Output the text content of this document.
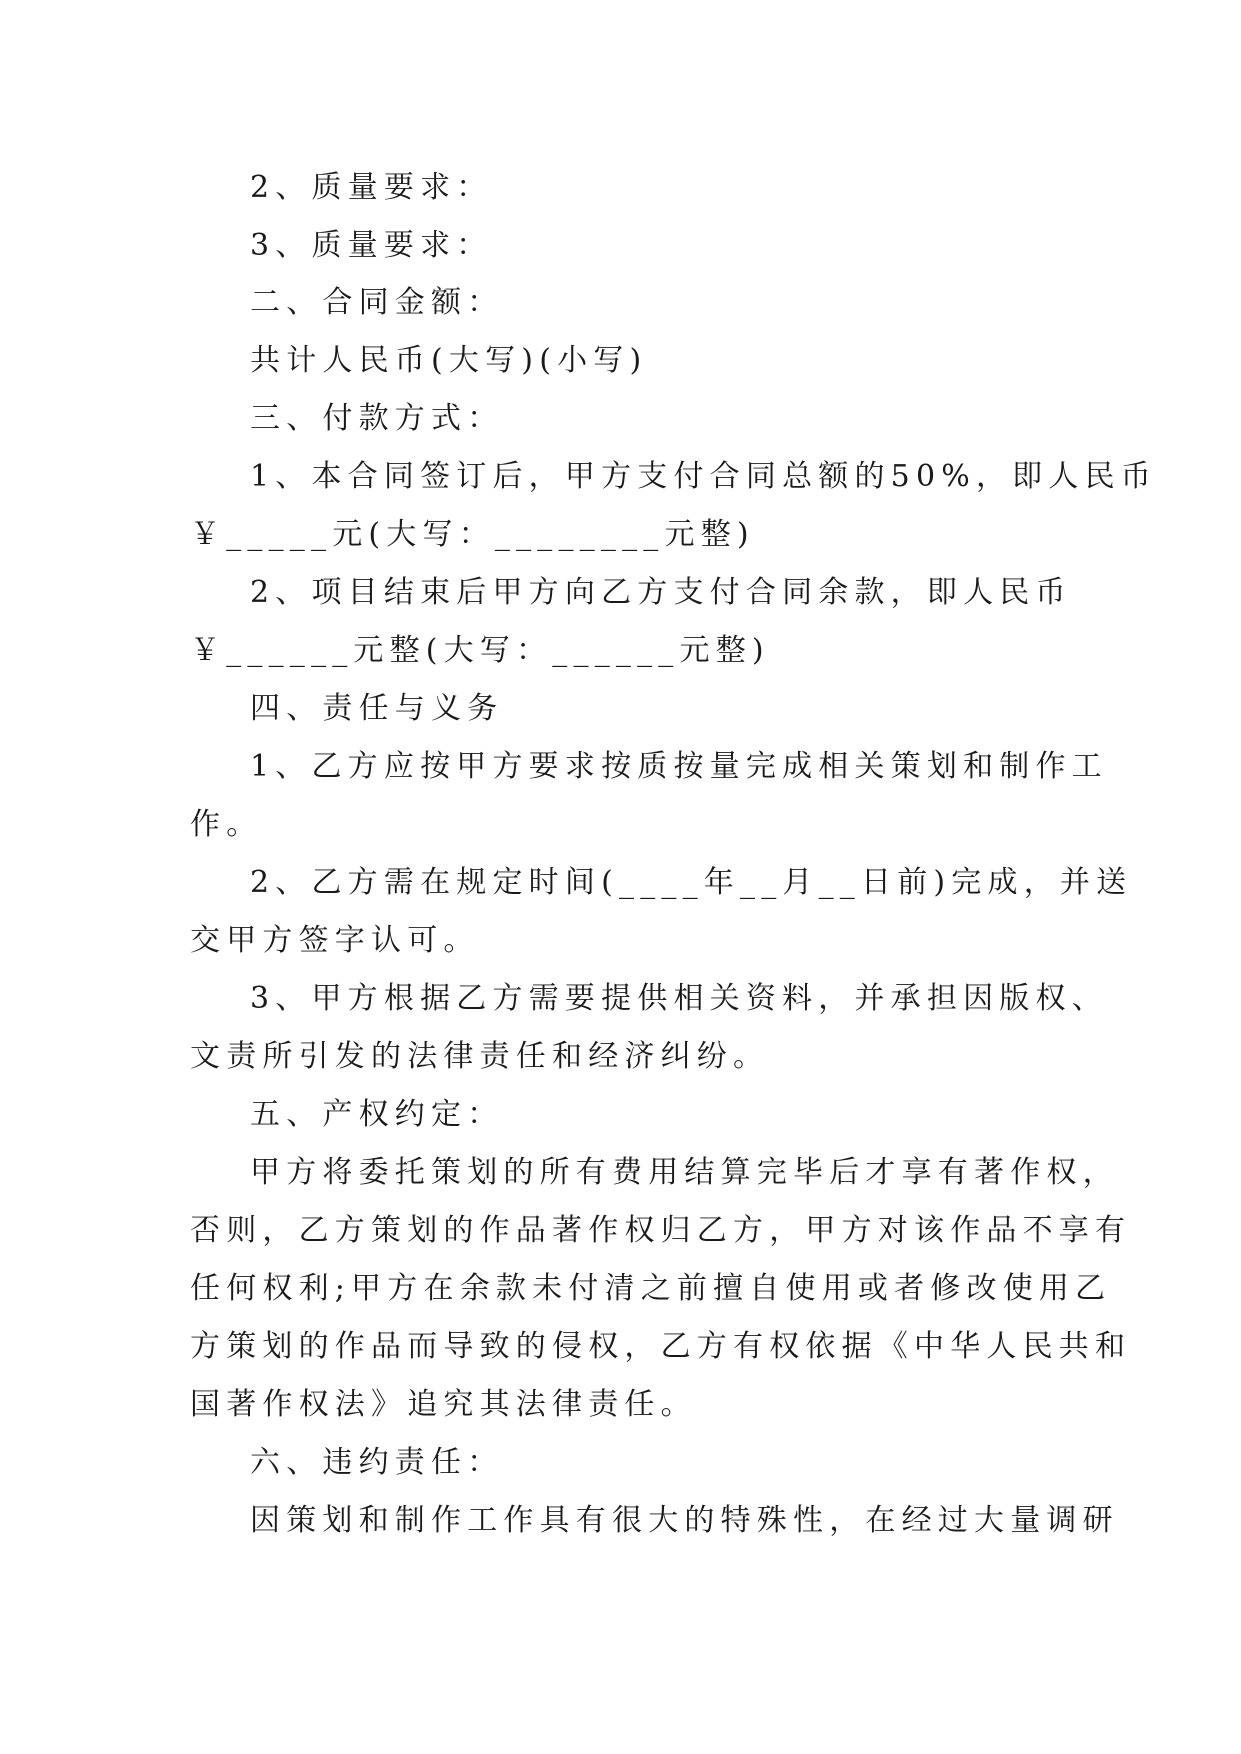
2、质量要求：
3、质量要求：
二、合同金额：
共计人民币(大写)(小写)
三、付款方式：
1、本合同签订后，甲方支付合同总额的50%，即人民币
￥_____元(大写：________元整)
2、项目结束后甲方向乙方支付合同余款，即人民币
￥______元整(大写：______元整)
四、责任与义务
1、乙方应按甲方要求按质按量完成相关策划和制作工
作。
2、乙方需在规定时间(____年__月__日前)完成，并送
交甲方签字认可。
3、甲方根据乙方需要提供相关资料，并承担因版权、
文责所引发的法律责任和经济纠纷。
五、产权约定：
甲方将委托策划的所有费用结算完毕后才享有著作权，
否则，乙方策划的作品著作权归乙方，甲方对该作品不享有
任何权利;甲方在余款未付清之前擅自使用或者修改使用乙
方策划的作品而导致的侵权，乙方有权依据《中华人民共和
国著作权法》追究其法律责任。
六、违约责任：
因策划和制作工作具有很大的特殊性，在经过大量调研
